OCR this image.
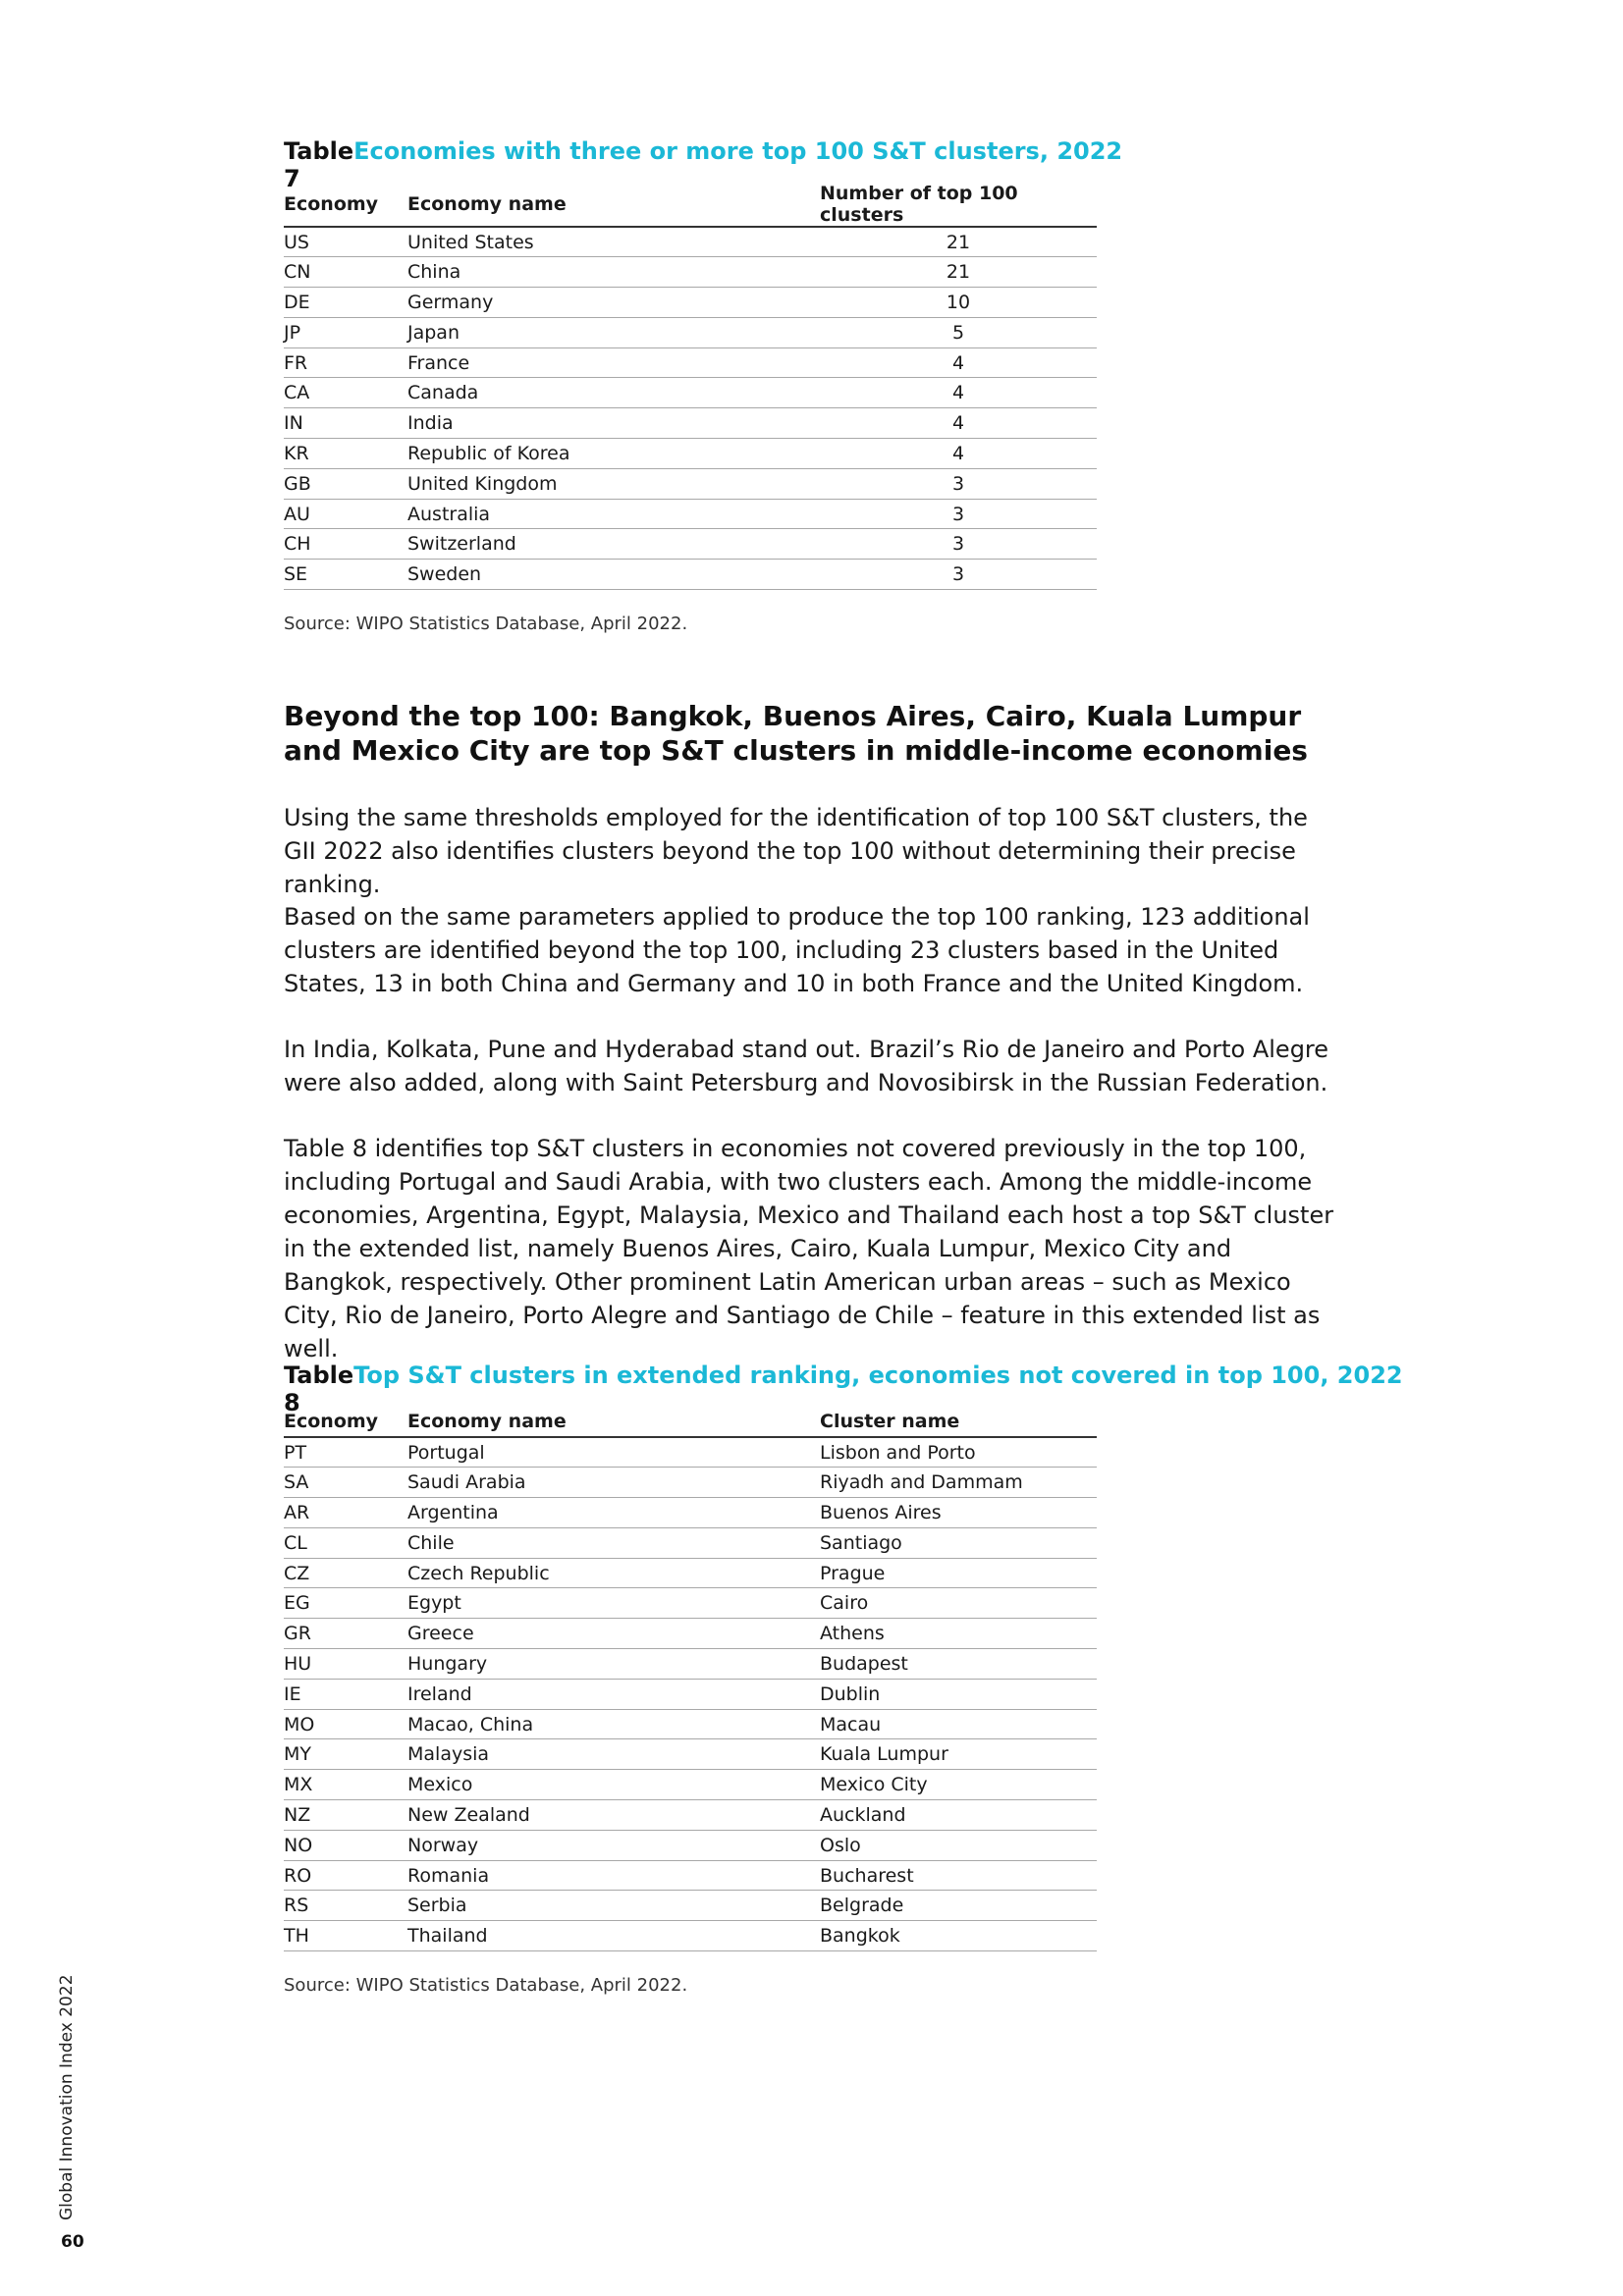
Table 7
Economies with three or more top 100 S&T clusters, 2022
Economy	Economy name	Number of top 100 clusters
US	United States	21
CN	China	21
DE	Germany	10
JP	Japan	5
FR	France	4
CA	Canada	4
IN	India	4
KR	Republic of Korea	4
GB	United Kingdom	3
AU	Australia	3
CH	Switzerland	3
SE	Sweden	3
Source: WIPO Statistics Database, April 2022.
Beyond the top 100: Bangkok, Buenos Aires, Cairo, Kuala Lumpur and Mexico City are top S&T clusters in middle-income economies

Using the same thresholds employed for the identification of top 100 S&T clusters, the GII 2022 also identifies clusters beyond the top 100 without determining their precise ranking.

Based on the same parameters applied to produce the top 100 ranking, 123 additional clusters are identified beyond the top 100, including 23 clusters based in the United States, 13 in both China and Germany and 10 in both France and the United Kingdom.

In India, Kolkata, Pune and Hyderabad stand out. Brazil’s Rio de Janeiro and Porto Alegre were also added, along with Saint Petersburg and Novosibirsk in the Russian Federation.

Table 8 identifies top S&T clusters in economies not covered previously in the top 100, including Portugal and Saudi Arabia, with two clusters each. Among the middle-income economies, Argentina, Egypt, Malaysia, Mexico and Thailand each host a top S&T cluster in the extended list, namely Buenos Aires, Cairo, Kuala Lumpur, Mexico City and Bangkok, respectively. Other prominent Latin American urban areas – such as Mexico City, Rio de Janeiro, Porto Alegre and Santiago de Chile – feature in this extended list as well.

Table 8
Top S&T clusters in extended ranking, economies not covered in top 100, 2022
Economy	Economy name	Cluster name
PT	Portugal	Lisbon and Porto
SA	Saudi Arabia	Riyadh and Dammam
AR	Argentina	Buenos Aires
CL	Chile	Santiago
CZ	Czech Republic	Prague
EG	Egypt	Cairo
GR	Greece	Athens
HU	Hungary	Budapest
IE	Ireland	Dublin
MO	Macao, China	Macau
MY	Malaysia	Kuala Lumpur
MX	Mexico	Mexico City
NZ	New Zealand	Auckland
NO	Norway	Oslo
RO	Romania	Bucharest
RS	Serbia	Belgrade
TH	Thailand	Bangkok
Source: WIPO Statistics Database, April 2022.
Global Innovation Index 2022
60
